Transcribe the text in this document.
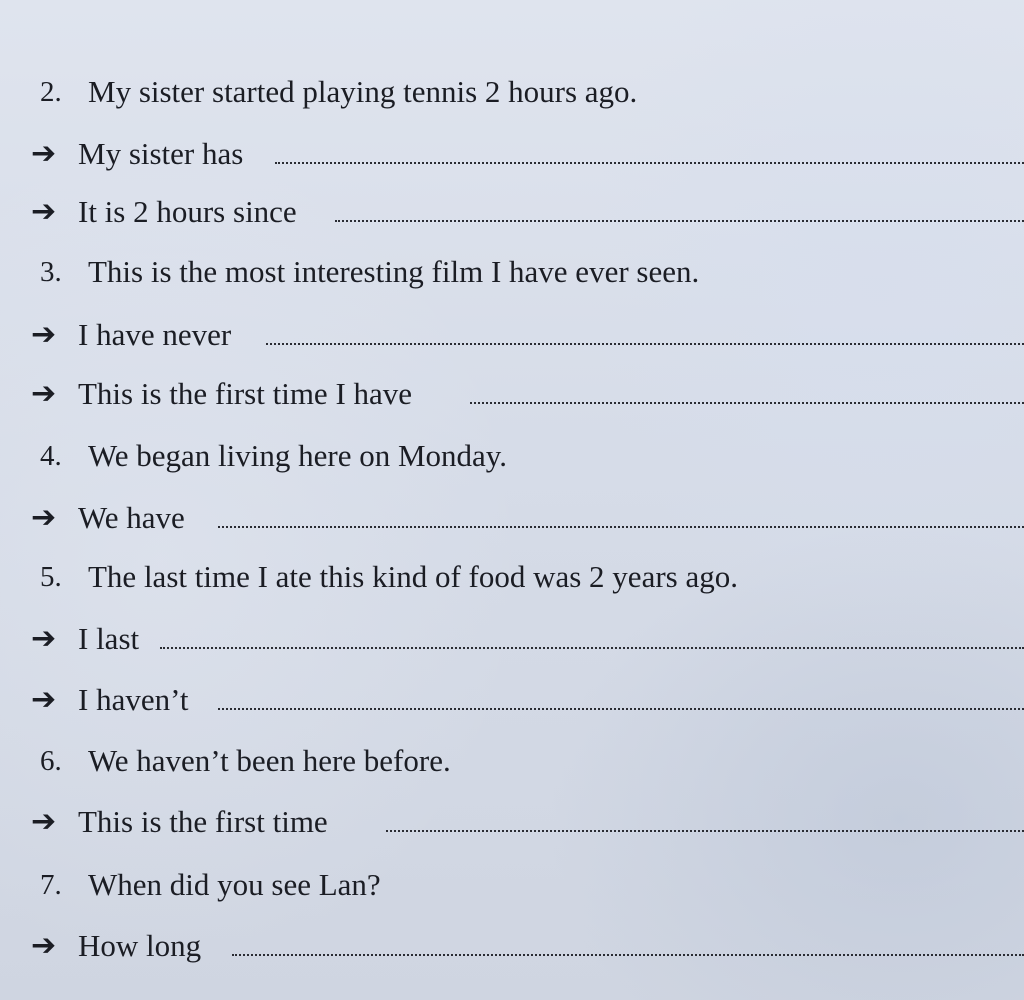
2. My sister started playing tennis 2 hours ago.
➔ My sister has
➔ It is 2 hours since
3. This is the most interesting film I have ever seen.
➔ I have never
➔ This is the first time I have
4. We began living here on Monday.
➔ We have
5. The last time I ate this kind of food was 2 years ago.
➔ I last
➔ I haven’t
6. We haven’t been here before.
➔ This is the first time
7. When did you see Lan?
➔ How long
